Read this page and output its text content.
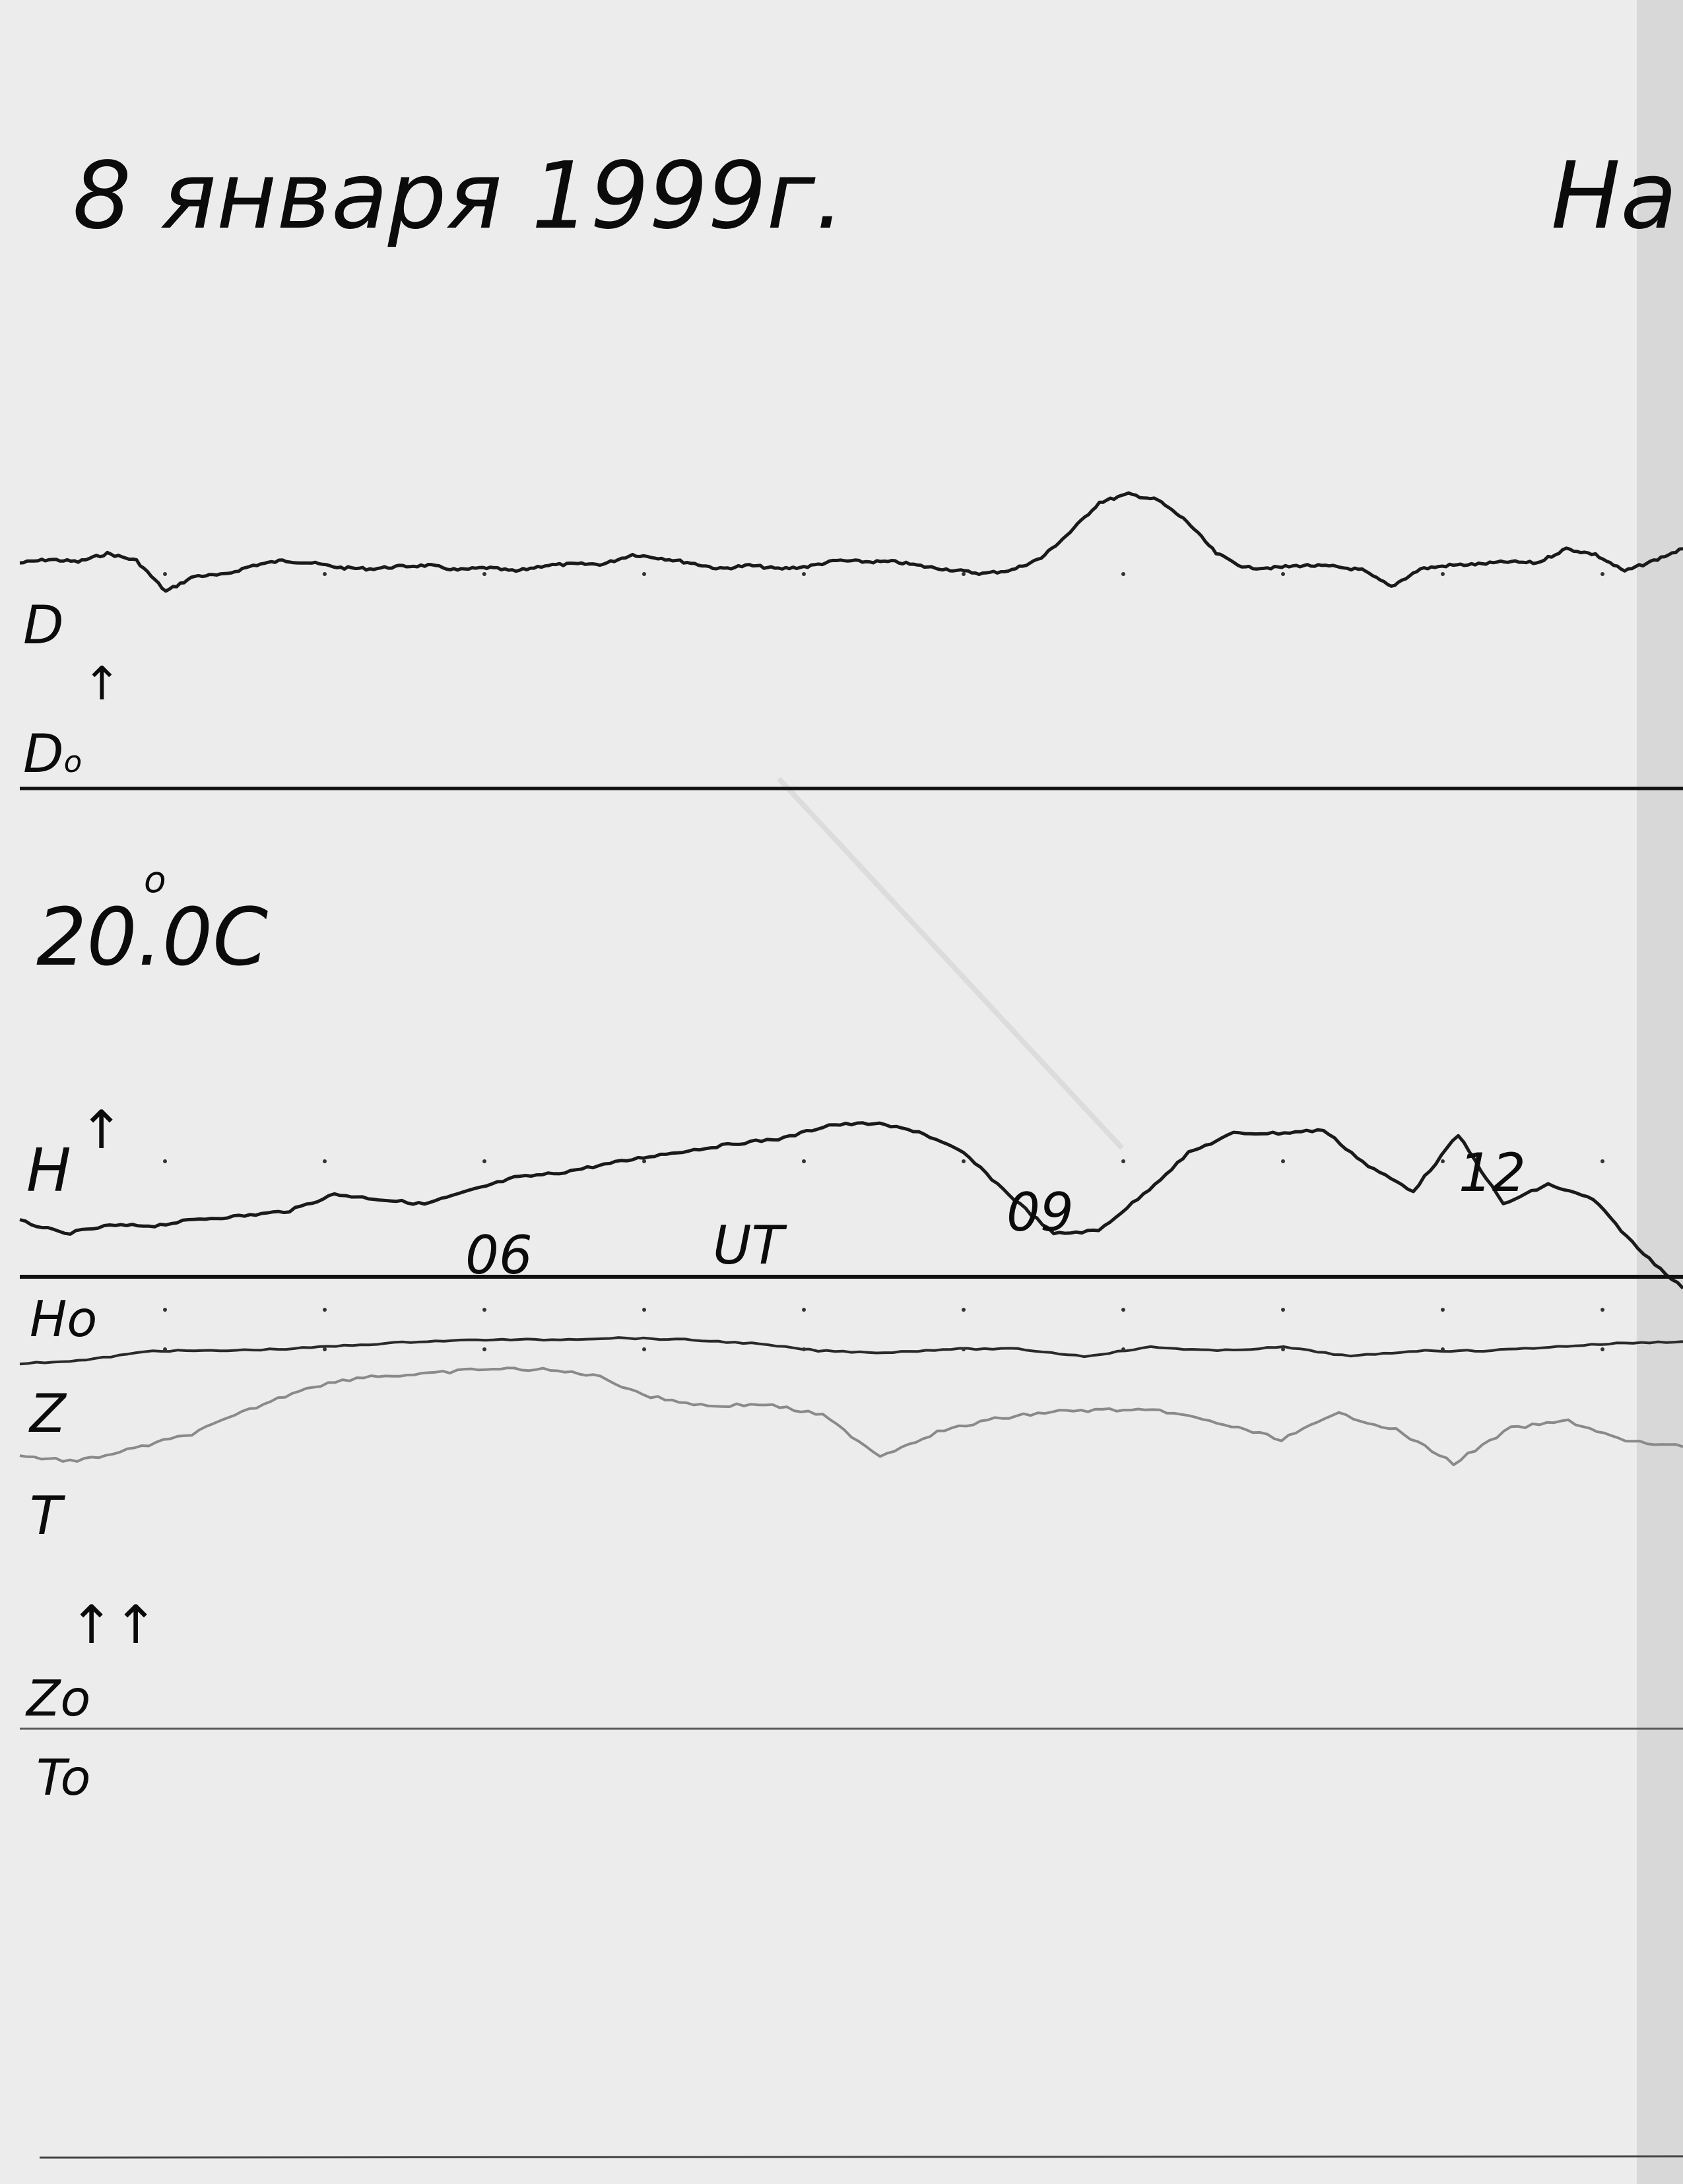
8 января 1999г.	На
D
↑
Do
20.0C
o
H
↑
06	UT
09
12
Ho
Z
T
↑↑
Zo
To
